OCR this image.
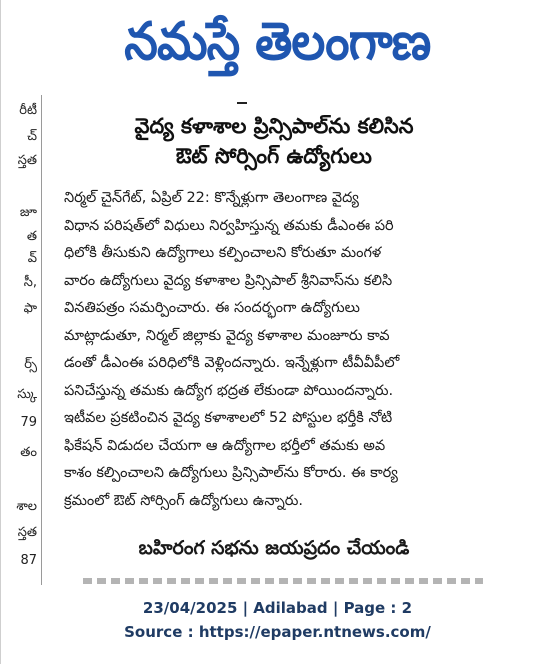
నమస్తే తెలంగాణ
రీటీ
చ్
స్తత
జూ
త
వ్
సీ,
ఫా
ర్స్
స్కు
79
తం
శాల
స్తత
87
వైద్య కళాశాల ప్రిన్సిపాల్‌ను కలిసిన
ఔట్ సోర్సింగ్ ఉద్యోగులు
నిర్మల్ చైన్‌గేట్, ఏప్రిల్ 22: కొన్నేళ్లుగా తెలంగాణ వైద్య
విధాన పరిషత్‌లో విధులు నిర్వహిస్తున్న తమకు డీఎంఈ పరి
ధిలోకి తీసుకుని ఉద్యోగాలు కల్పించాలని కోరుతూ మంగళ
వారం ఉద్యోగులు వైద్య కళాశాల ప్రిన్సిపాల్ శ్రీనివాస్‌ను కలిసి
వినతిపత్రం సమర్పించారు. ఈ సందర్భంగా ఉద్యోగులు
మాట్లాడుతూ, నిర్మల్ జిల్లాకు వైద్య కళాశాల మంజూరు కావ
డంతో డీఎంఈ పరిధిలోకి వెళ్లిందన్నారు. ఇన్నేళ్లుగా టీవీవీపీలో
పనిచేస్తున్న తమకు ఉద్యోగ భద్రత లేకుండా పోయిందన్నారు.
ఇటీవల ప్రకటించిన వైద్య కళాశాలలో 52 పోస్టుల భర్తీకి నోటి
ఫికేషన్ విడుదల చేయగా ఆ ఉద్యోగాల భర్తీలో తమకు అవ
కాశం కల్పించాలని ఉద్యోగులు ప్రిన్సిపాల్‌ను కోరారు. ఈ కార్య
క్రమంలో ఔట్ సోర్సింగ్ ఉద్యోగులు ఉన్నారు.
బహిరంగ సభను జయప్రదం చేయండి
23/04/2025 | Adilabad | Page : 2
Source : https://epaper.ntnews.com/
